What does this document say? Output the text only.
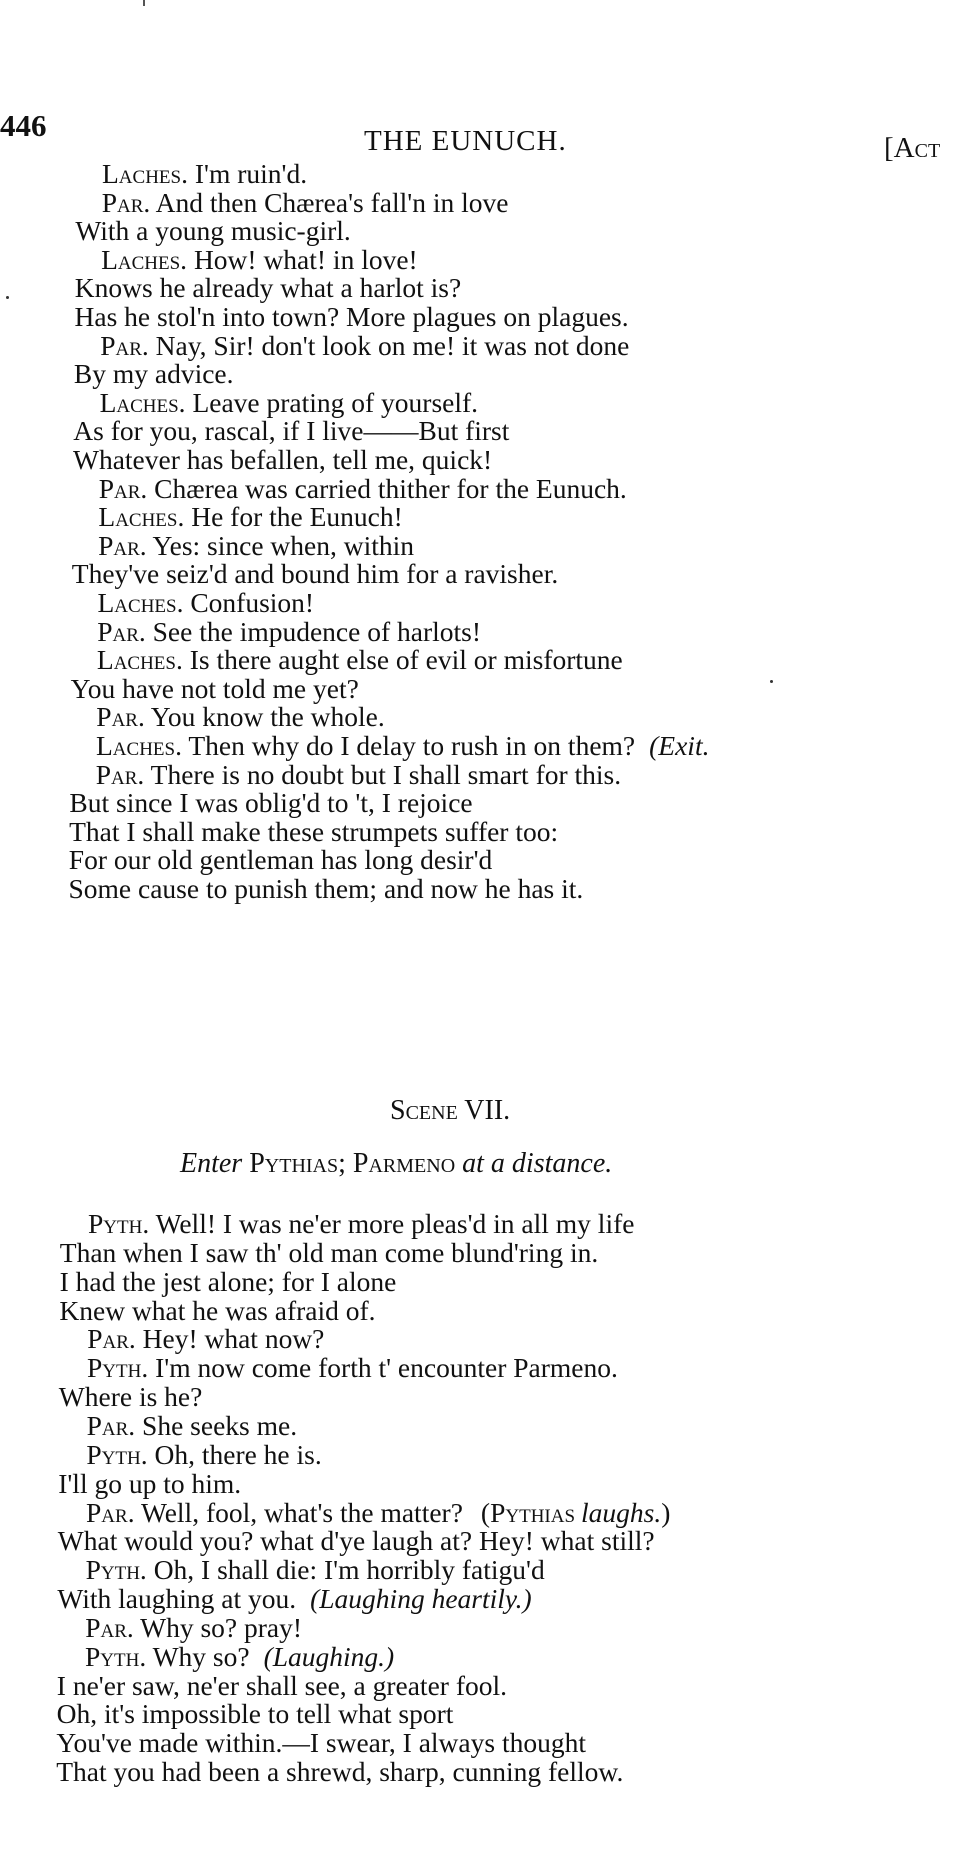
446	THE EUNUCH.	[Act
Laches. I'm ruin'd.
Par. And then Chærea's fall'n in love
With a young music-girl.
Laches. How! what! in love!
Knows he already what a harlot is?
Has he stol'n into town? More plagues on plagues.
Par. Nay, Sir! don't look on me! it was not done
By my advice.
Laches. Leave prating of yourself.
As for you, rascal, if I live——But first
Whatever has befallen, tell me, quick!
Par. Chærea was carried thither for the Eunuch.
Laches. He for the Eunuch!
Par. Yes: since when, within
They've seiz'd and bound him for a ravisher.
Laches. Confusion!
Par. See the impudence of harlots!
Laches. Is there aught else of evil or misfortune
You have not told me yet?
Par. You know the whole.
Laches. Then why do I delay to rush in on them? (Exit.
Par. There is no doubt but I shall smart for this.
But since I was oblig'd to 't, I rejoice
That I shall make these strumpets suffer too:
For our old gentleman has long desir'd
Some cause to punish them; and now he has it.
Scene VII.
Enter Pythias; Parmeno at a distance.
Pyth. Well! I was ne'er more pleas'd in all my life
Than when I saw th' old man come blund'ring in.
I had the jest alone; for I alone
Knew what he was afraid of.
Par. Hey! what now?
Pyth. I'm now come forth t' encounter Parmeno.
Where is he?
Par. She seeks me.
Pyth. Oh, there he is.
I'll go up to him.
Par. Well, fool, what's the matter? (Pythias laughs.)
What would you? what d'ye laugh at? Hey! what still?
Pyth. Oh, I shall die: I'm horribly fatigu'd
With laughing at you. (Laughing heartily.)
Par. Why so? pray!
Pyth. Why so? (Laughing.)
I ne'er saw, ne'er shall see, a greater fool.
Oh, it's impossible to tell what sport
You've made within.—I swear, I always thought
That you had been a shrewd, sharp, cunning fellow.
